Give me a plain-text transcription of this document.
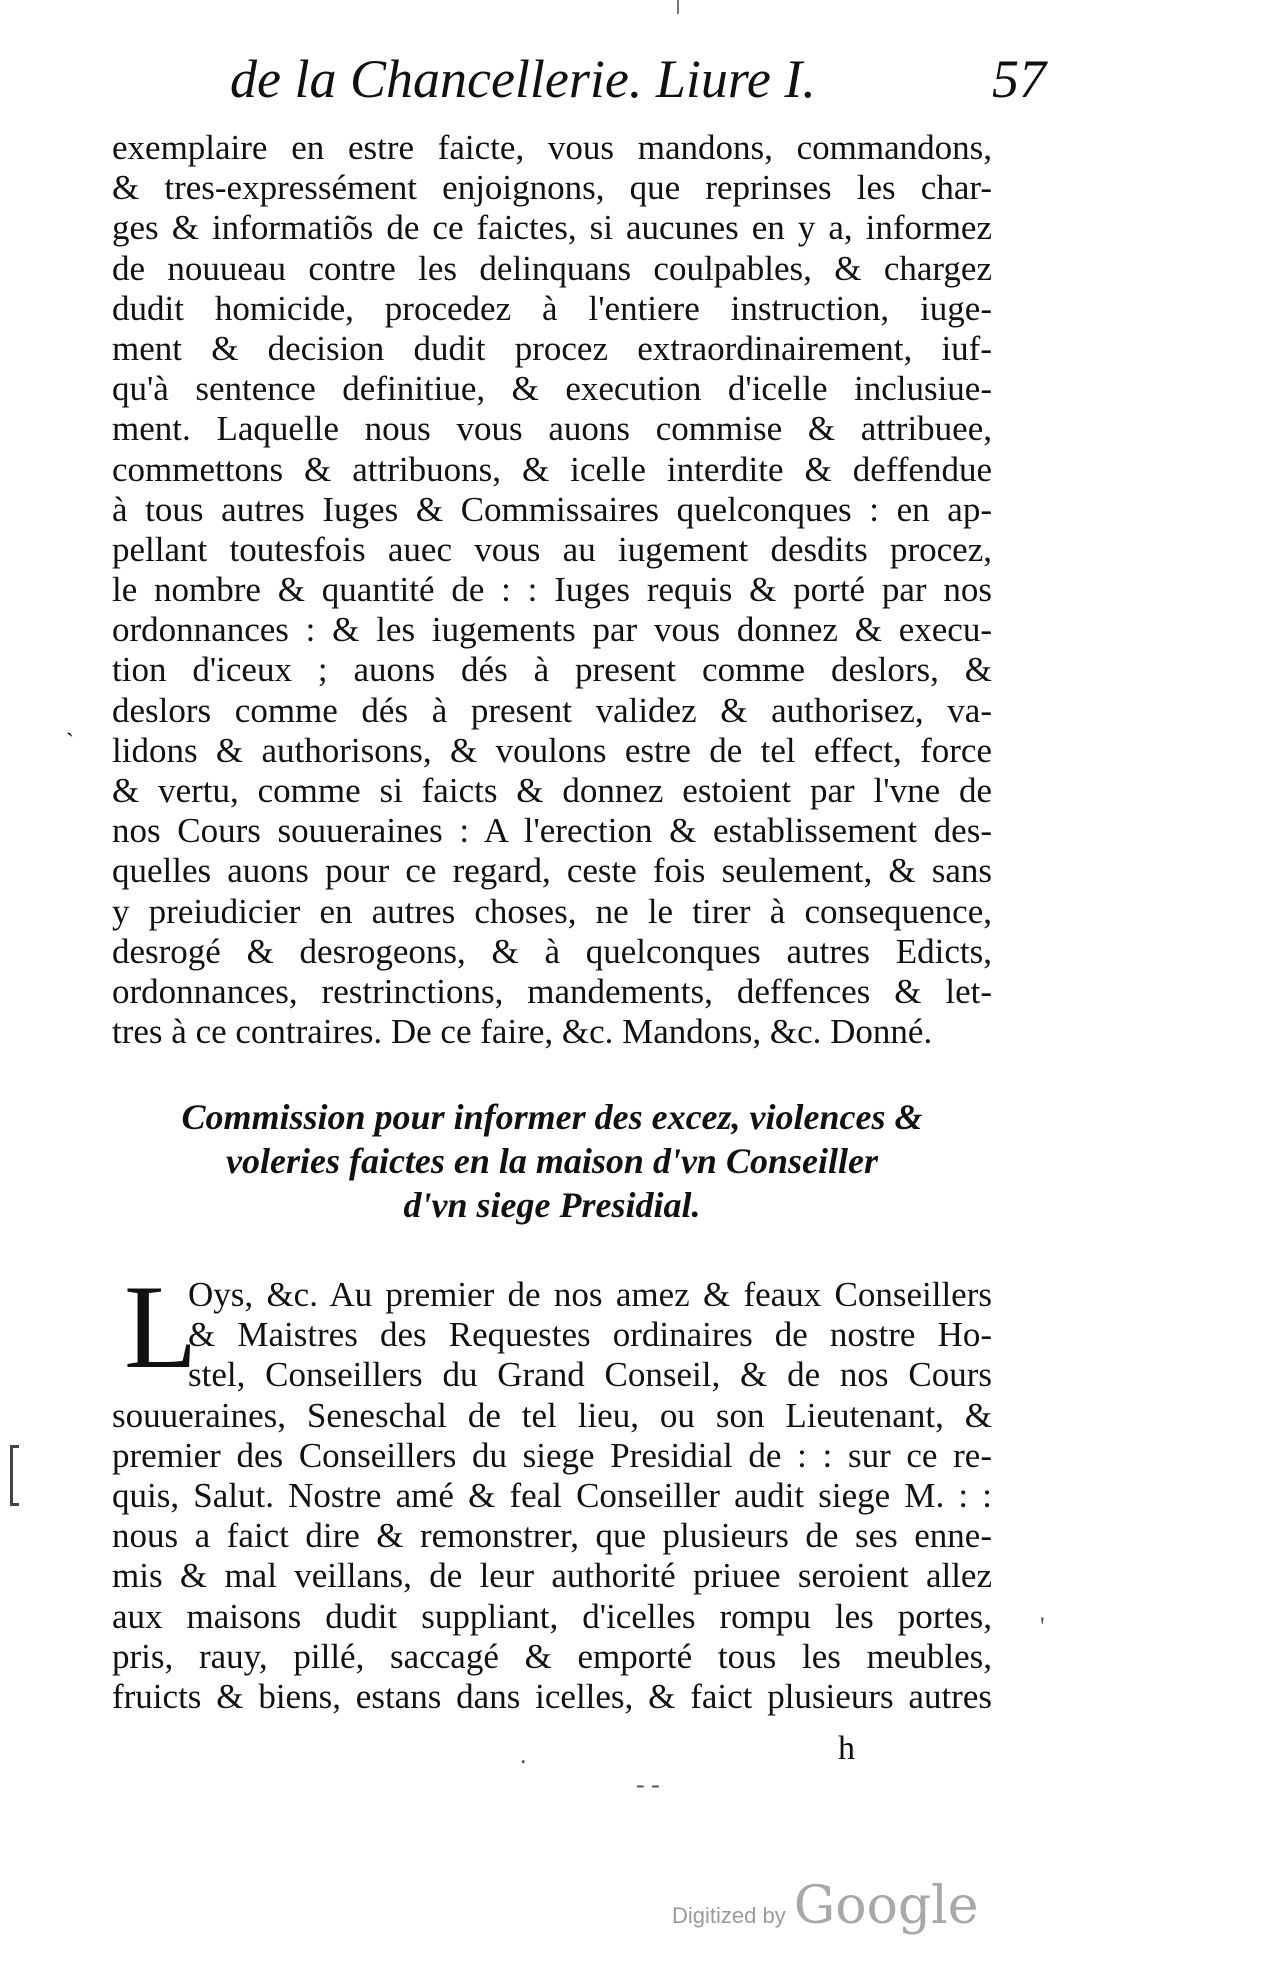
de la Chancellerie. Liure I.	57
exemplaire en estre faicte, vous mandons, commandons,
& tres-expressément enjoignons, que reprinses les char-
ges & informatiõs de ce faictes, si aucunes en y a, informez
de nouueau contre les delinquans coulpables, & chargez
dudit homicide, procedez à l'entiere instruction, iuge-
ment & decision dudit procez extraordinairement, iuf-
qu'à sentence definitiue, & execution d'icelle inclusiue-
ment. Laquelle nous vous auons commise & attribuee,
commettons & attribuons, & icelle interdite & deffendue
à tous autres Iuges & Commissaires quelconques : en ap-
pellant toutesfois auec vous au iugement desdits procez,
le nombre & quantité de : : Iuges requis & porté par nos
ordonnances : & les iugements par vous donnez & execu-
tion d'iceux ; auons dés à present comme deslors, &
deslors comme dés à present validez & authorisez, va-
lidons & authorisons, & voulons estre de tel effect, force
& vertu, comme si faicts & donnez estoient par l'vne de
nos Cours souueraines : A l'erection & establissement des-
quelles auons pour ce regard, ceste fois seulement, & sans
y preiudicier en autres choses, ne le tirer à consequence,
desrogé & desrogeons, & à quelconques autres Edicts,
ordonnances, restrinctions, mandements, deffences & let-
tres à ce contraires. De ce faire, &c. Mandons, &c. Donné.
Commission pour informer des excez, violences &
voleries faictes en la maison d'vn Conseiller
d'vn siege Presidial.
L
Oys, &c. Au premier de nos amez & feaux Conseillers
& Maistres des Requestes ordinaires de nostre Ho-
stel, Conseillers du Grand Conseil, & de nos Cours
souueraines, Seneschal de tel lieu, ou son Lieutenant, &
premier des Conseillers du siege Presidial de : : sur ce re-
quis, Salut. Nostre amé & feal Conseiller audit siege M. : :
nous a faict dire & remonstrer, que plusieurs de ses enne-
mis & mal veillans, de leur authorité priuee seroient allez
aux maisons dudit suppliant, d'icelles rompu les portes,
pris, rauy, pillé, saccagé & emporté tous les meubles,
fruicts & biens, estans dans icelles, & faict plusieurs autres
h
`
'
.
- -
Digitized by Google
